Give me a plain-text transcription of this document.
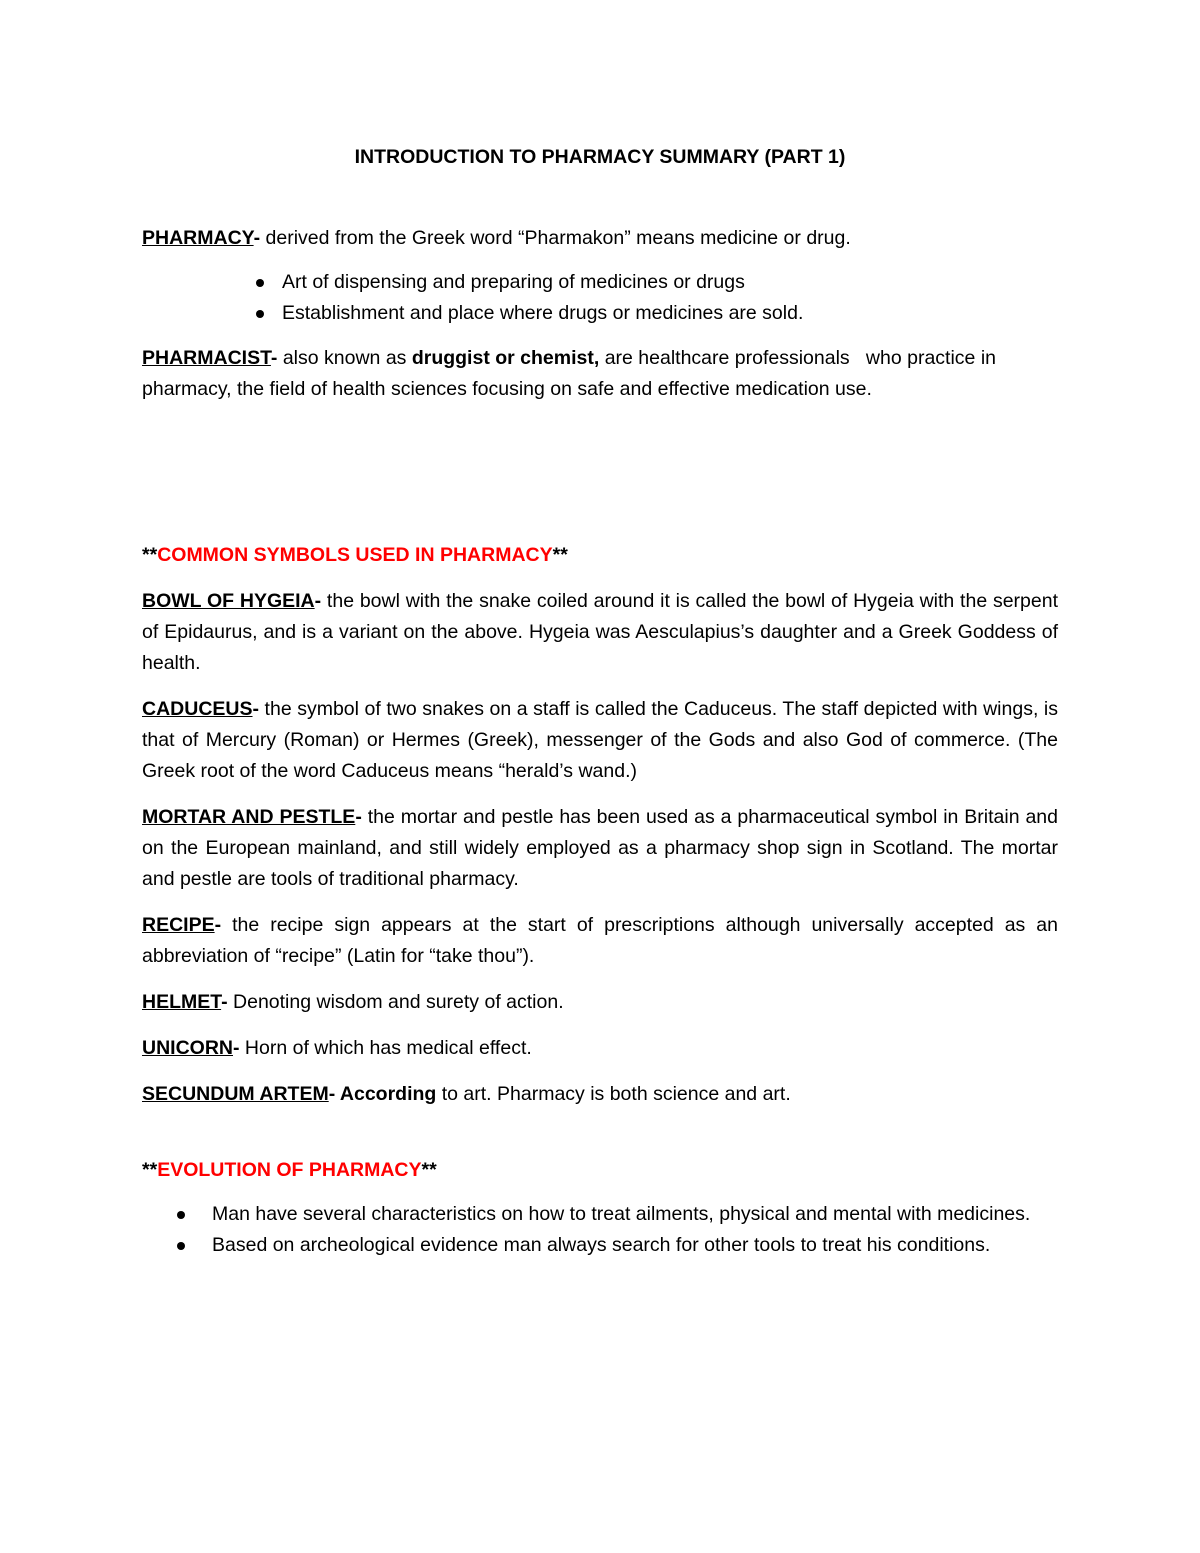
INTRODUCTION TO PHARMACY SUMMARY (PART 1)

PHARMACY- derived from the Greek word “Pharmakon” means medicine or drug.

Art of dispensing and preparing of medicines or drugs
Establishment and place where drugs or medicines are sold.

PHARMACIST- also known as druggist or chemist, are healthcare professionals   who practice in pharmacy, the field of health sciences focusing on safe and effective medication use.

**COMMON SYMBOLS USED IN PHARMACY**

BOWL OF HYGEIA- the bowl with the snake coiled around it is called the bowl of Hygeia with the serpent of Epidaurus, and is a variant on the above. Hygeia was Aesculapius’s daughter and a Greek Goddess of health.

CADUCEUS- the symbol of two snakes on a staff is called the Caduceus. The staff depicted with wings, is that of Mercury (Roman) or Hermes (Greek), messenger of the Gods and also God of commerce. (The Greek root of the word Caduceus means “herald’s wand.)

MORTAR AND PESTLE- the mortar and pestle has been used as a pharmaceutical symbol in Britain and on the European mainland, and still widely employed as a pharmacy shop sign in Scotland. The mortar and pestle are tools of traditional pharmacy.

RECIPE- the recipe sign appears at the start of prescriptions although universally accepted as an abbreviation of “recipe” (Latin for “take thou”).

HELMET- Denoting wisdom and surety of action.

UNICORN- Horn of which has medical effect.

SECUNDUM ARTEM- According to art. Pharmacy is both science and art.

**EVOLUTION OF PHARMACY**
Man have several characteristics on how to treat ailments, physical and mental with medicines.
Based on archeological evidence man always search for other tools to treat his conditions.
